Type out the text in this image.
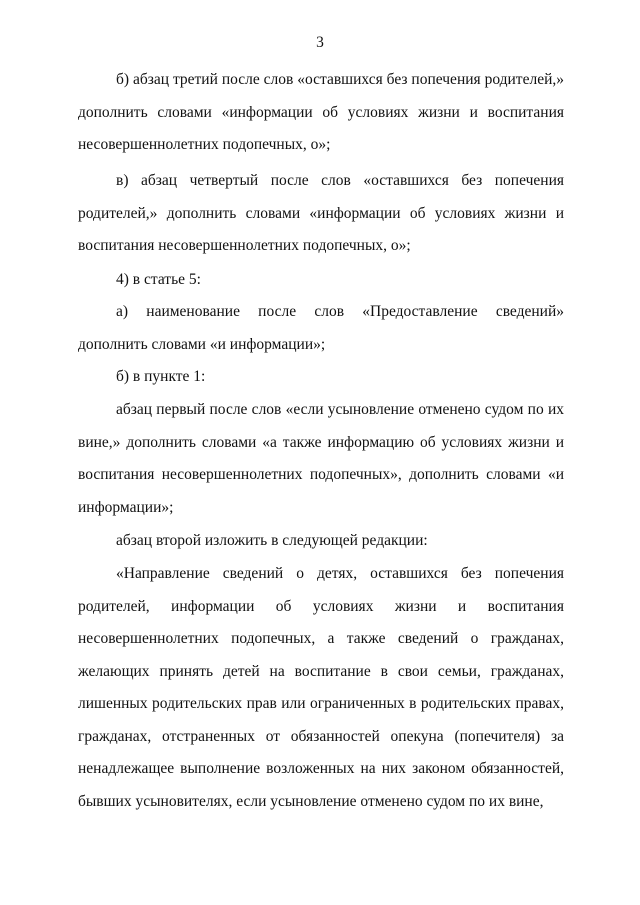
3

б) абзац третий после слов «оставшихся без попечения родителей,» дополнить словами «информации об условиях жизни и воспитания несовершеннолетних подопечных, о»;

в) абзац четвертый после слов «оставшихся без попечения родителей,» дополнить словами «информации об условиях жизни и воспитания несовершеннолетних подопечных, о»;

4) в статье 5:

а) наименование после слов «Предоставление сведений» дополнить словами «и информации»;

б) в пункте 1:

абзац первый после слов «если усыновление отменено судом по их вине,» дополнить словами «а также информацию об условиях жизни и воспитания несовершеннолетних подопечных», дополнить словами «и информации»;

абзац второй изложить в следующей редакции:

«Направление сведений о детях, оставшихся без попечения родителей, информации об условиях жизни и воспитания несовершеннолетних подопечных, а также сведений о гражданах, желающих принять детей на воспитание в свои семьи, гражданах, лишенных родительских прав или ограниченных в родительских правах, гражданах, отстраненных от обязанностей опекуна (попечителя) за ненадлежащее выполнение возложенных на них законом обязанностей, бывших усыновителях, если усыновление отменено судом по их вине,
